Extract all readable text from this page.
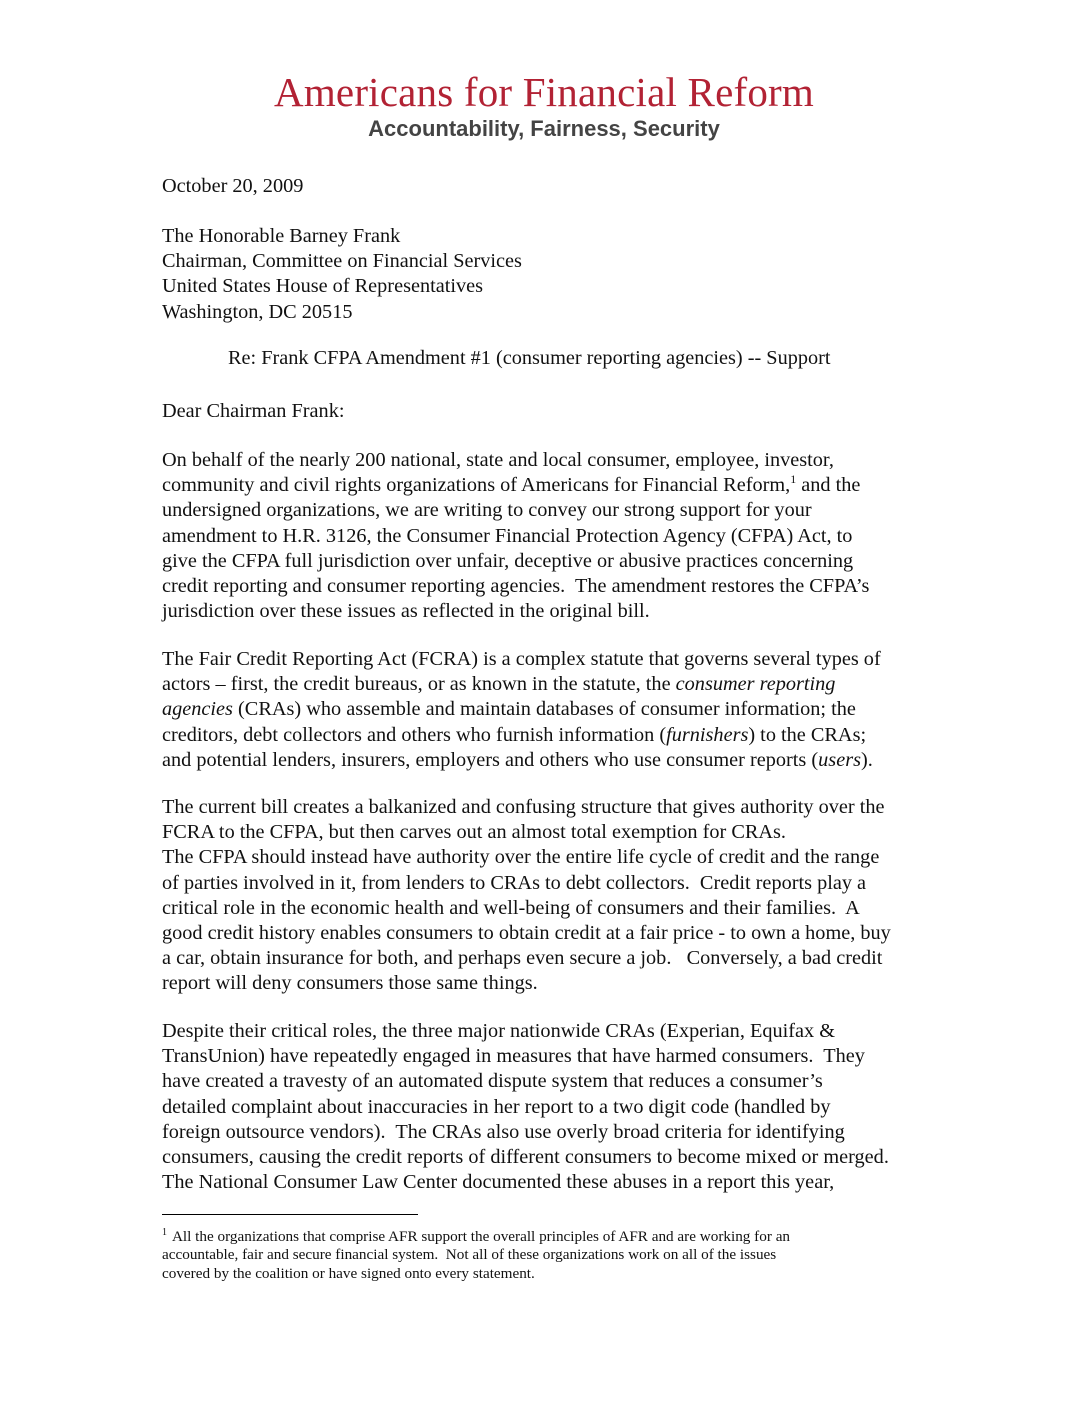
Americans for Financial Reform
Accountability, Fairness, Security
October 20, 2009
The Honorable Barney Frank
Chairman, Committee on Financial Services
United States House of Representatives
Washington, DC 20515
Re: Frank CFPA Amendment #1 (consumer reporting agencies) -- Support
Dear Chairman Frank:
On behalf of the nearly 200 national, state and local consumer, employee, investor,
community and civil rights organizations of Americans for Financial Reform,$^1$ and the
undersigned organizations, we are writing to convey our strong support for your
amendment to H.R. 3126, the Consumer Financial Protection Agency (CFPA) Act, to
give the CFPA full jurisdiction over unfair, deceptive or abusive practices concerning
credit reporting and consumer reporting agencies.  The amendment restores the CFPA’s
jurisdiction over these issues as reflected in the original bill.
The Fair Credit Reporting Act (FCRA) is a complex statute that governs several types of
actors – first, the credit bureaus, or as known in the statute, the consumer reporting
agencies (CRAs) who assemble and maintain databases of consumer information; the
creditors, debt collectors and others who furnish information (furnishers) to the CRAs;
and potential lenders, insurers, employers and others who use consumer reports (users).
The current bill creates a balkanized and confusing structure that gives authority over the
FCRA to the CFPA, but then carves out an almost total exemption for CRAs.
The CFPA should instead have authority over the entire life cycle of credit and the range
of parties involved in it, from lenders to CRAs to debt collectors.  Credit reports play a
critical role in the economic health and well-being of consumers and their families.  A
good credit history enables consumers to obtain credit at a fair price - to own a home, buy
a car, obtain insurance for both, and perhaps even secure a job.   Conversely, a bad credit
report will deny consumers those same things.
Despite their critical roles, the three major nationwide CRAs (Experian, Equifax &
TransUnion) have repeatedly engaged in measures that have harmed consumers.  They
have created a travesty of an automated dispute system that reduces a consumer’s
detailed complaint about inaccuracies in her report to a two digit code (handled by
foreign outsource vendors).  The CRAs also use overly broad criteria for identifying
consumers, causing the credit reports of different consumers to become mixed or merged.
The National Consumer Law Center documented these abuses in a report this year,
$^1$ All the organizations that comprise AFR support the overall principles of AFR and are working for an
accountable, fair and secure financial system.  Not all of these organizations work on all of the issues
covered by the coalition or have signed onto every statement.
